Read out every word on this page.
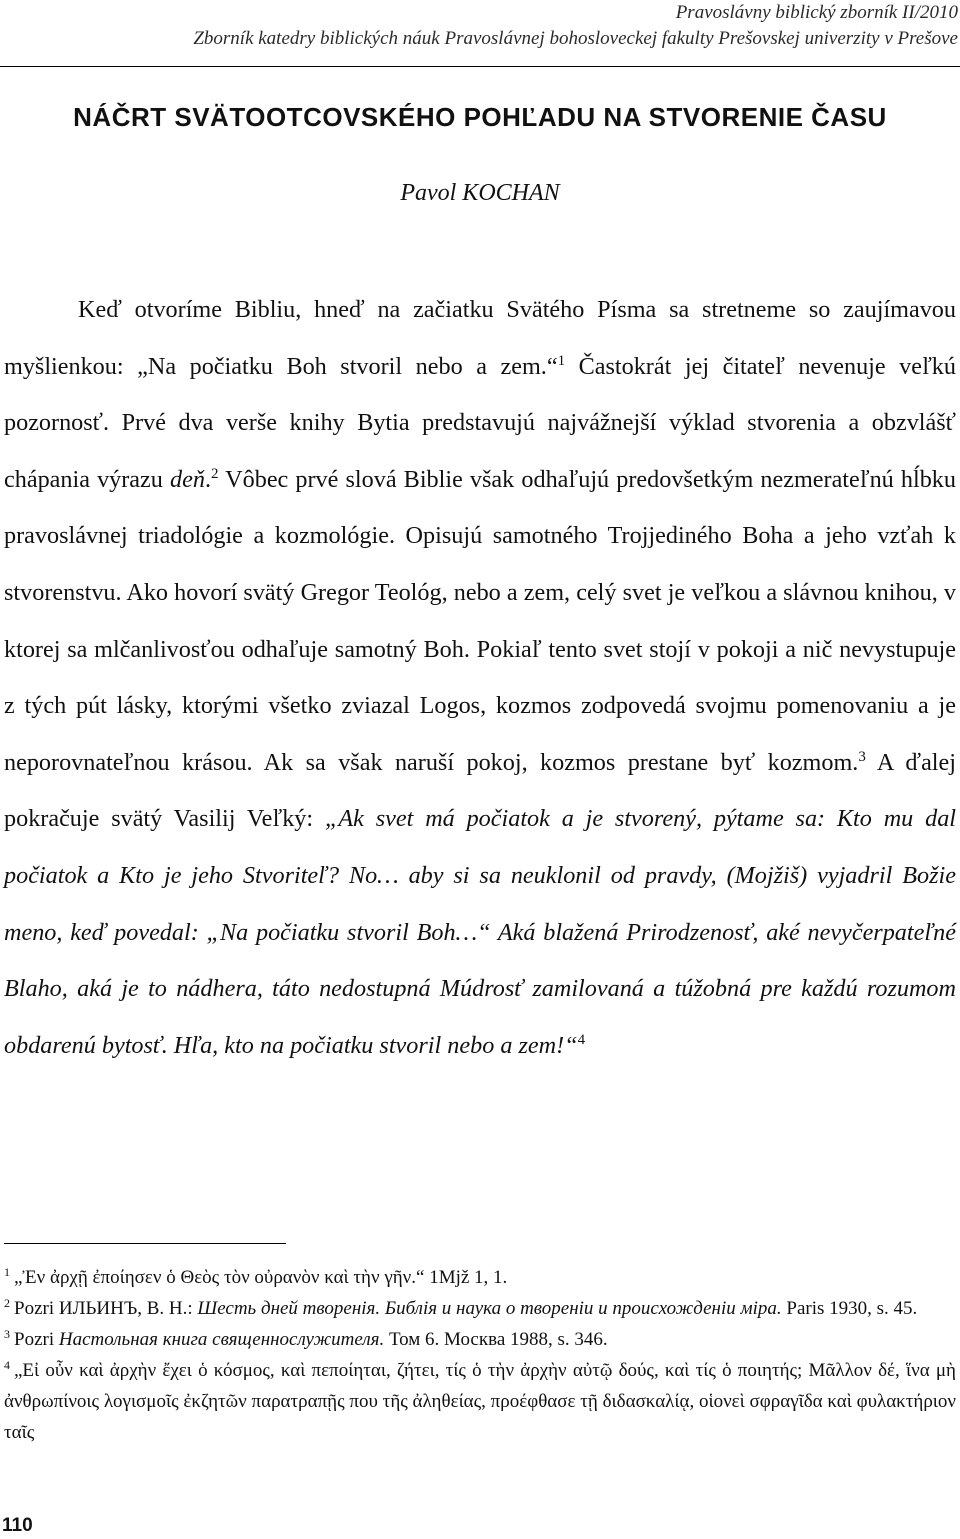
Pravoslávny biblický zborník II/2010
Zborník katedry biblických náuk Pravoslávnej bohosloveckej fakulty Prešovskej univerzity v Prešove
NÁČRT SVÄTOOTCOVSKÉHO POHĽADU NA STVORENIE ČASU
Pavol KOCHAN

Keď otvoríme Bibliu, hneď na začiatku Svätého Písma sa stretneme so zaujímavou myšlienkou: „Na počiatku Boh stvoril nebo a zem.“$^1$ Častokrát jej čitateľ nevenuje veľkú pozornosť. Prvé dva verše knihy Bytia predstavujú najvážnejší výklad stvorenia a obzvlášť chápania výrazu deň.$^2$ Vôbec prvé slová Biblie však odhaľujú predovšetkým nezmerateľnú hĺbku pravoslávnej triadológie a kozmológie. Opisujú samotného Trojjediného Boha a jeho vzťah k stvorenstvu. Ako hovorí svätý Gregor Teológ, nebo a zem, celý svet je veľkou a slávnou knihou, v ktorej sa mlčanlivosťou odhaľuje samotný Boh. Pokiaľ tento svet stojí v pokoji a nič nevystupuje z tých pút lásky, ktorými všetko zviazal Logos, kozmos zodpovedá svojmu pomenovaniu a je neporovnateľnou krásou. Ak sa však naruší pokoj, kozmos prestane byť kozmom.$^3$ A ďalej pokračuje svätý Vasilij Veľký: „Ak svet má počiatok a je stvorený, pýtame sa: Kto mu dal počiatok a Kto je jeho Stvoriteľ? No… aby si sa neuklonil od pravdy, (Mojžiš) vyjadril Božie meno, keď povedal: „Na počiatku stvoril Boh…“ Aká blažená Prirodzenosť, aké nevyčerpateľné Blaho, aká je to nádhera, táto nedostupná Múdrosť zamilovaná a túžobná pre každú rozumom obdarenú bytosť. Hľa, kto na počiatku stvoril nebo a zem!“$^4$

$^1$ „Ἐν ἀρχῇ ἐποίησεν ὁ Θεὸς τὸν οὐρανὸν καὶ τὴν γῆν.“ 1Mjž 1, 1.

$^2$ Pozri ИЛЬИНЪ, В. Н.: Шесть дней творенія. Библія и наука о твореніи и происхожденіи міра. Paris 1930, s. 45.

$^3$ Pozri Настольная книга священнослужителя. Том 6. Москва 1988, s. 346.

$^4$ „Εἰ οὖν καὶ ἀρχὴν ἔχει ὁ κόσμος, καὶ πεποίηται, ζήτει, τίς ὁ τὴν ἀρχὴν αὐτῷ δούς, καὶ τίς ὁ ποιητής; Μᾶλλον δέ, ἵνα μὴ ἀνθρωπίνοις λογισμοῖς ἐκζητῶν παρατραπῇς που τῆς ἀληθείας, προέφθασε τῇ διδασκαλίᾳ, οἱονεὶ σφραγῖδα καὶ φυλακτήριον ταῖς

110
